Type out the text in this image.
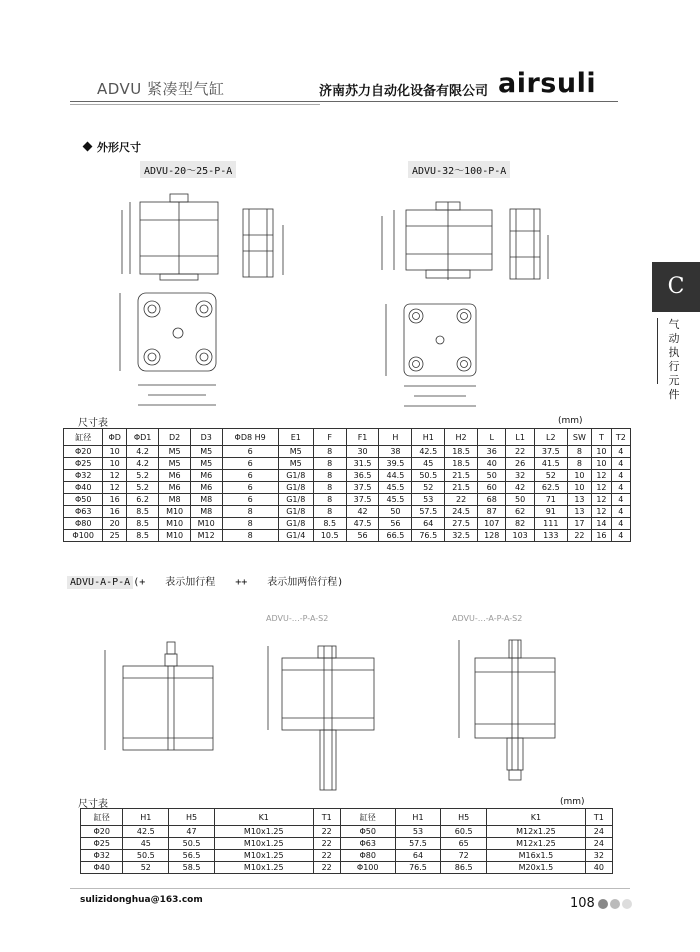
ADVU 紧凑型气缸	济南苏力自动化设备有限公司 airsuli
C
气动执行元件
外形尺寸
ADVU-20～25-P-A	ADVU-32～100-P-A
尺寸表	(mm)
缸径	ΦD	ΦD1	D2	D3	ΦD8 H9	E1	F	F1	H	H1	H2	L	L1	L2	SW	T	T2
Φ20	10	4.2	M5	M5	6	M5	8	30	38	42.5	18.5	36	22	37.5	8	10	4
Φ25	10	4.2	M5	M5	6	M5	8	31.5	39.5	45	18.5	40	26	41.5	8	10	4
Φ32	12	5.2	M6	M6	6	G1/8	8	36.5	44.5	50.5	21.5	50	32	52	10	12	4
Φ40	12	5.2	M6	M6	6	G1/8	8	37.5	45.5	52	21.5	60	42	62.5	10	12	4
Φ50	16	6.2	M8	M8	6	G1/8	8	37.5	45.5	53	22	68	50	71	13	12	4
Φ63	16	8.5	M10	M8	8	G1/8	8	42	50	57.5	24.5	87	62	91	13	12	4
Φ80	20	8.5	M10	M10	8	G1/8	8.5	47.5	56	64	27.5	107	82	111	17	14	4
Φ100	25	8.5	M10	M12	8	G1/4	10.5	56	66.5	76.5	32.5	128	103	133	22	16	4
ADVU-A-P-A (+　　表示加行程　　++　　表示加两倍行程)
ADVU-…-P-A-S2	ADVU-…-A-P-A-S2
尺寸表	(mm)
缸径	H1	H5	K1	T1	缸径	H1	H5	K1	T1
Φ20	42.5	47	M10x1.25	22	Φ50	53	60.5	M12x1.25	24
Φ25	45	50.5	M10x1.25	22	Φ63	57.5	65	M12x1.25	24
Φ32	50.5	56.5	M10x1.25	22	Φ80	64	72	M16x1.5	32
Φ40	52	58.5	M10x1.25	22	Φ100	76.5	86.5	M20x1.5	40
sulizidonghua@163.com	108
